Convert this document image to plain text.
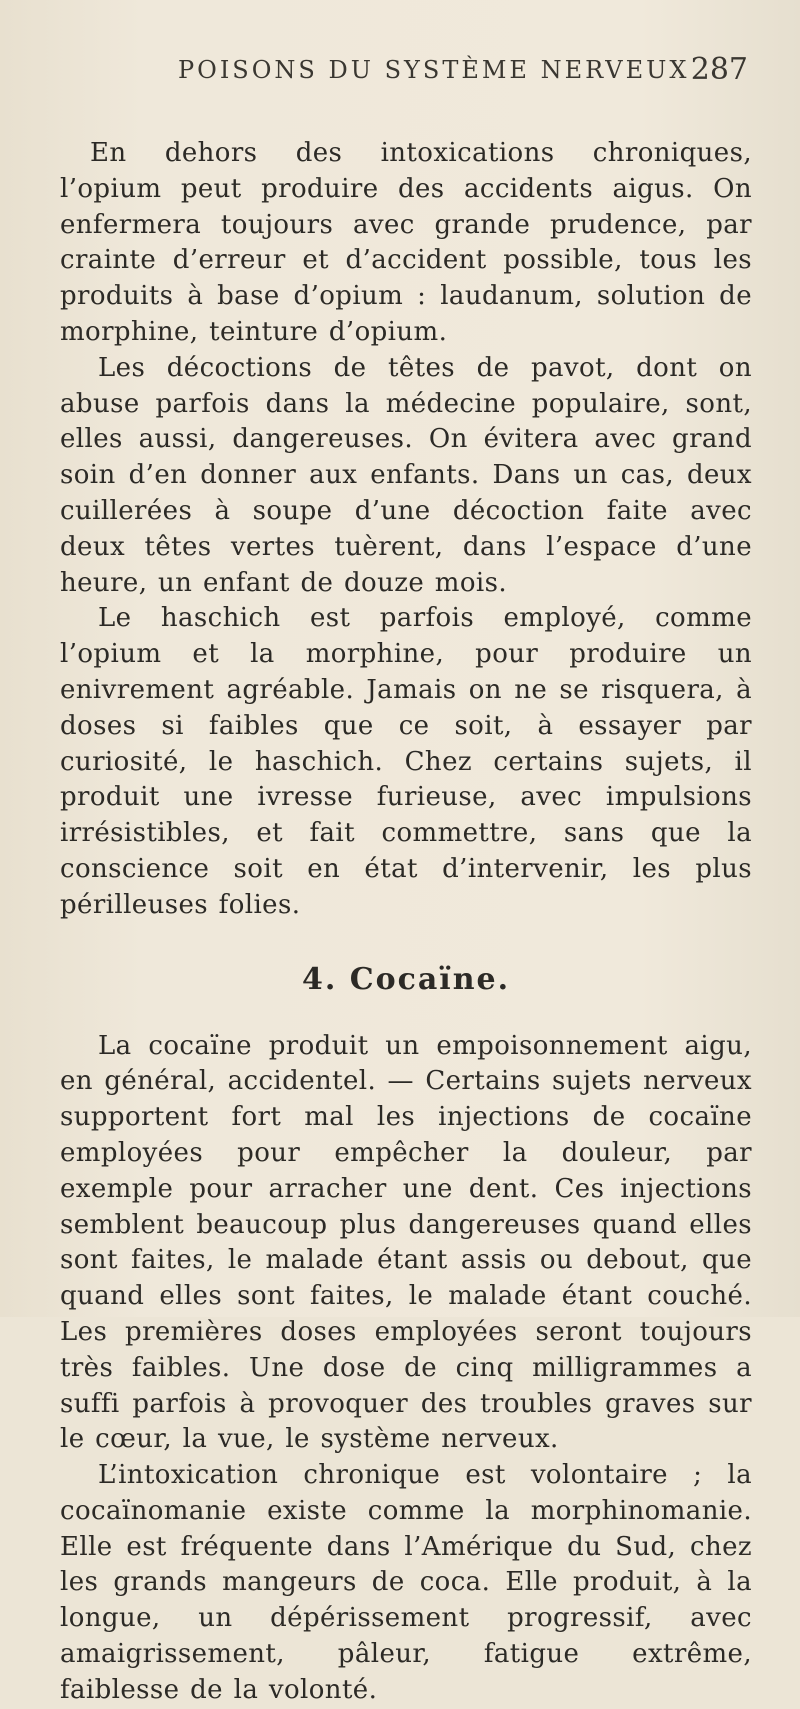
POISONS DU SYSTÈME NERVEUX 287

En dehors des intoxications chroniques, l’opium peut produire des accidents aigus. On enfermera toujours avec grande prudence, par crainte d’erreur et d’accident possible, tous les produits à base d’opium : laudanum, solution de morphine, teinture d’opium.

Les décoctions de têtes de pavot, dont on abuse parfois dans la médecine populaire, sont, elles aussi, dangereuses. On évitera avec grand soin d’en donner aux enfants. Dans un cas, deux cuillerées à soupe d’une décoction faite avec deux têtes vertes tuèrent, dans l’espace d’une heure, un enfant de douze mois.

Le haschich est parfois employé, comme l’opium et la morphine, pour produire un enivrement agréable. Jamais on ne se risquera, à doses si faibles que ce soit, à essayer par curiosité, le haschich. Chez certains sujets, il produit une ivresse furieuse, avec impulsions irrésistibles, et fait commettre, sans que la conscience soit en état d’intervenir, les plus périlleuses folies.

4. Cocaïne.

La cocaïne produit un empoisonnement aigu, en général, accidentel. — Certains sujets nerveux supportent fort mal les injections de cocaïne employées pour empêcher la douleur, par exemple pour arracher une dent. Ces injections semblent beaucoup plus dangereuses quand elles sont faites, le malade étant assis ou debout, que quand elles sont faites, le malade étant couché. Les premières doses employées seront toujours très faibles. Une dose de cinq milligrammes a suffi parfois à provoquer des troubles graves sur le cœur, la vue, le système nerveux.

L’intoxication chronique est volontaire ; la cocaïnomanie existe comme la morphinomanie. Elle est fréquente dans l’Amérique du Sud, chez les grands mangeurs de coca. Elle produit, à la longue, un dépérissement progressif, avec amaigrissement, pâleur, fatigue extrême, faiblesse de la volonté.
